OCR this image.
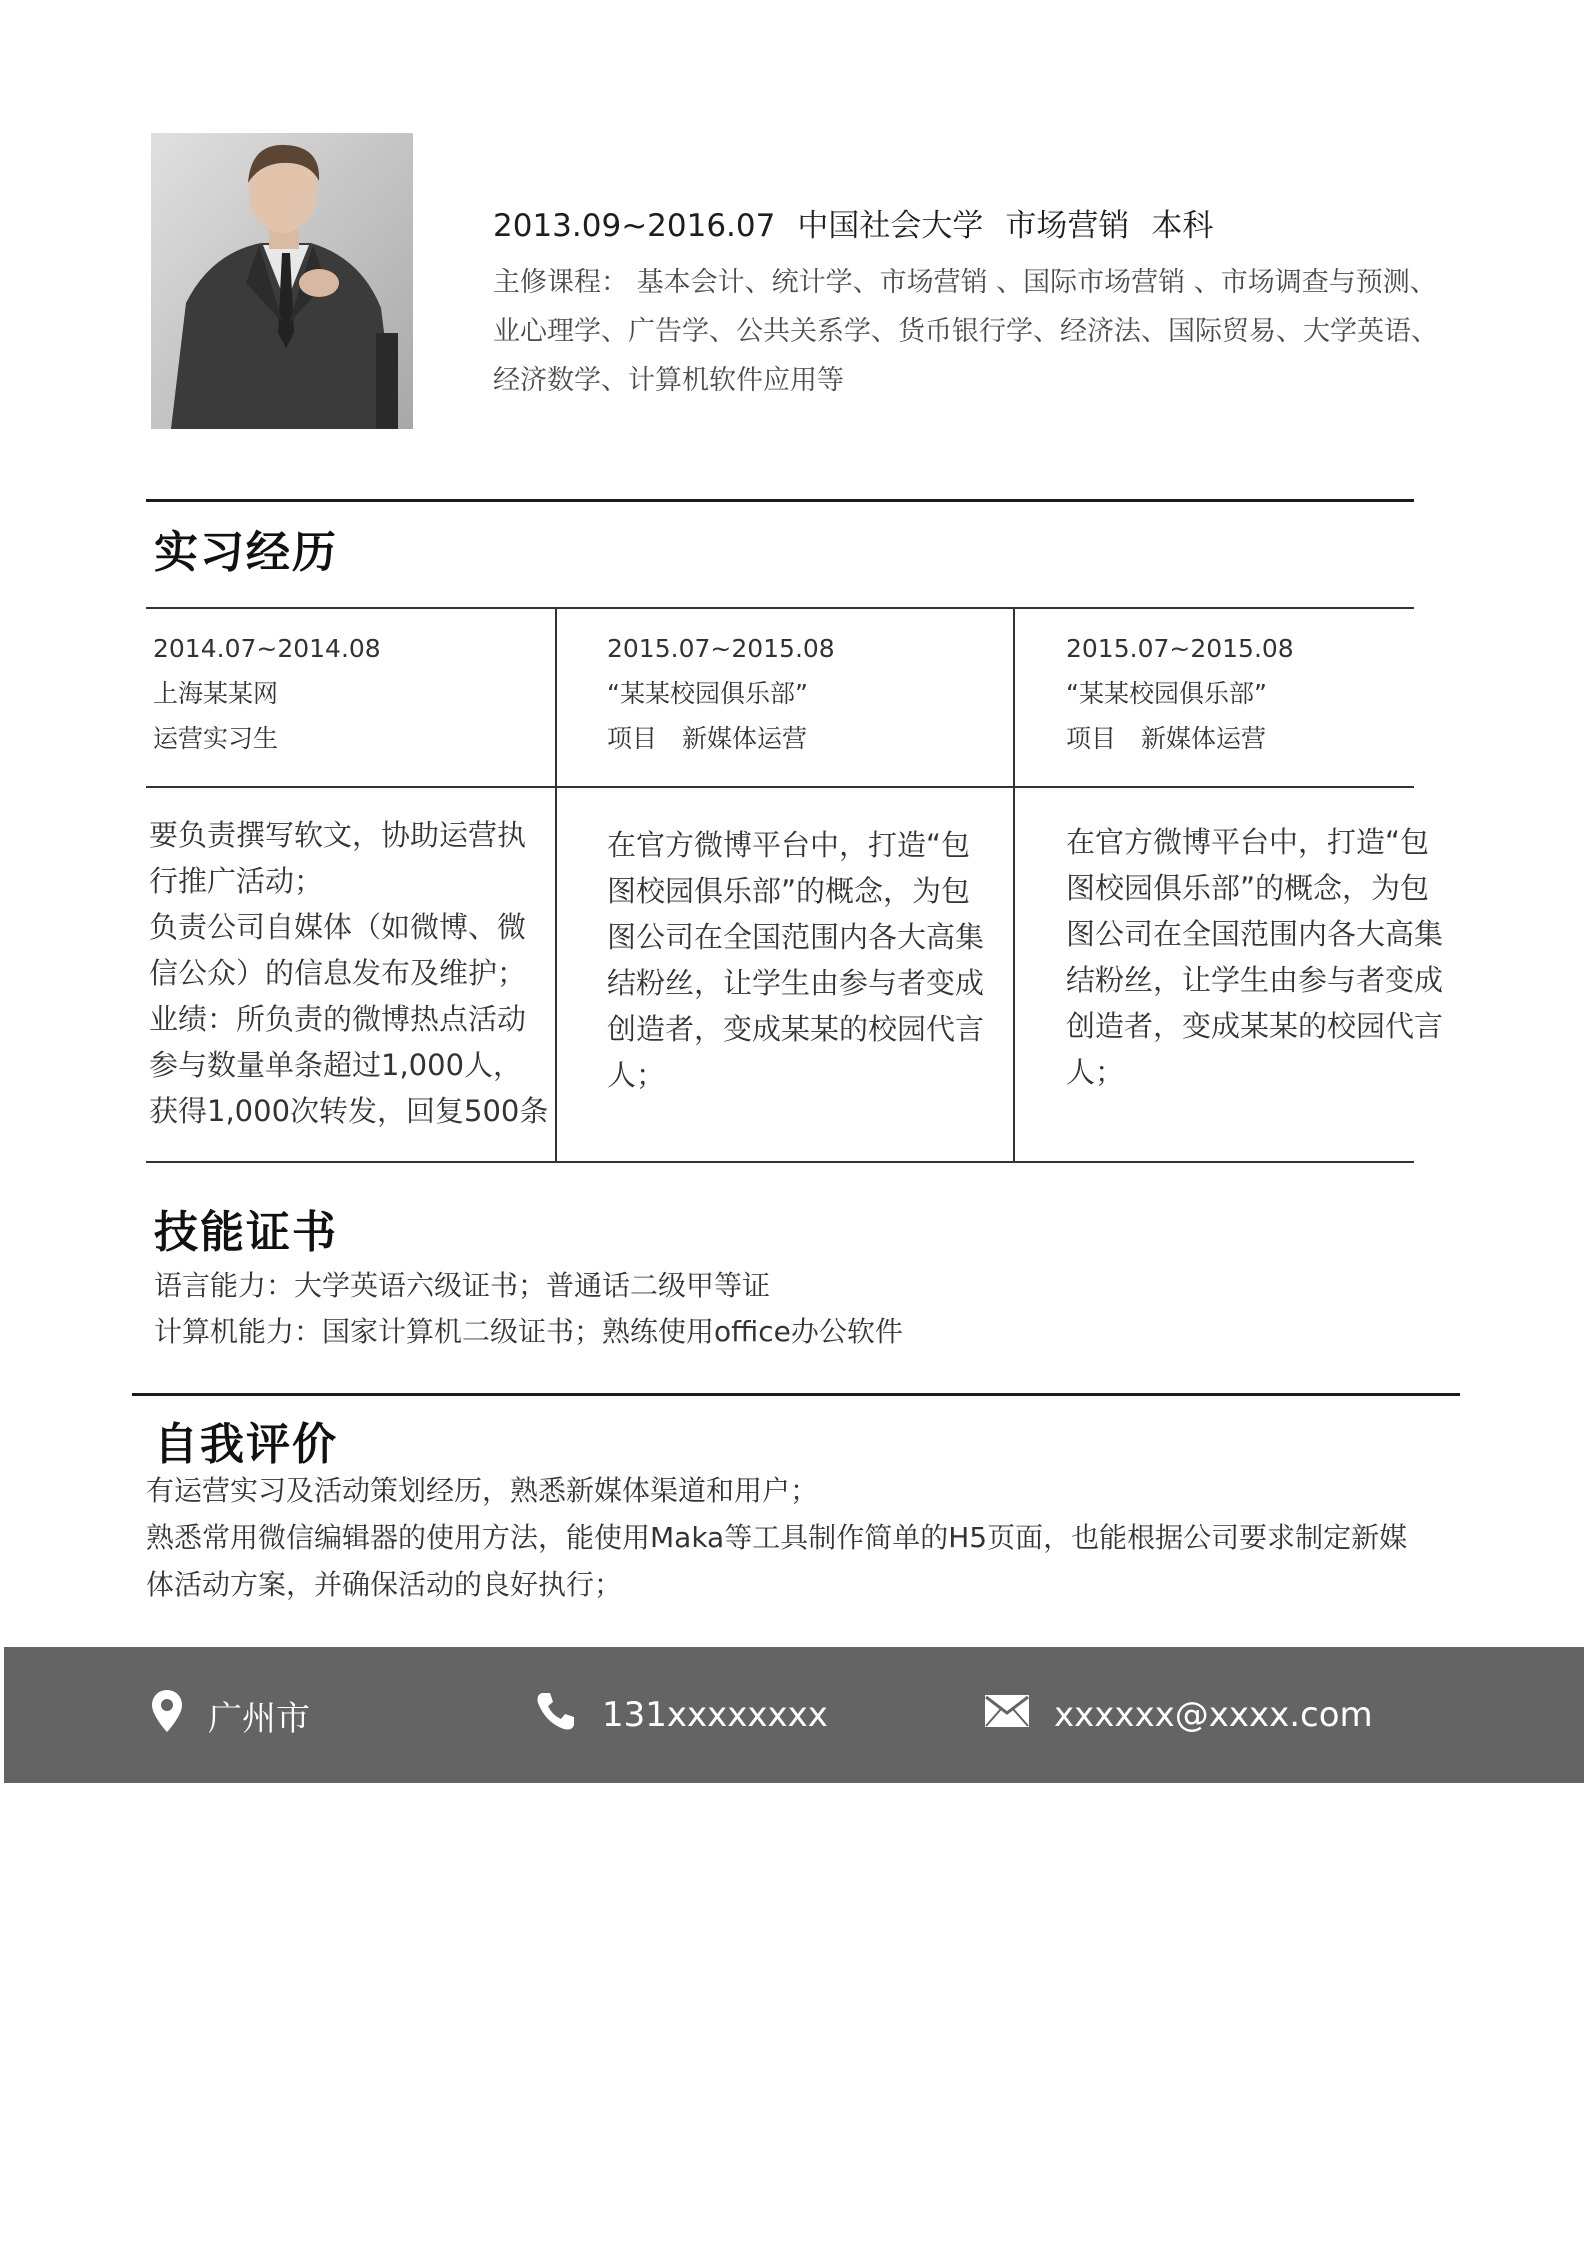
2013.09~2016.07 中国社会大学 市场营销 本科
主修课程： 基本会计、统计学、市场营销 、国际市场营销 、市场调查与预测、
业心理学、广告学、公共关系学、货币银行学、经济法、国际贸易、大学英语、
经济数学、计算机软件应用等
实习经历
2014.07~2014.08
上海某某网
运营实习生
要负责撰写软文，协助运营执
行推广活动；
负责公司自媒体（如微博、微
信公众）的信息发布及维护；
业绩：所负责的微博热点活动
参与数量单条超过1,000人，
获得1,000次转发，回复500条
2015.07~2015.08
“某某校园俱乐部”
项目　新媒体运营
在官方微博平台中，打造“包
图校园俱乐部”的概念，为包
图公司在全国范围内各大高集
结粉丝，让学生由参与者变成
创造者，变成某某的校园代言
人；
2015.07~2015.08
“某某校园俱乐部”
项目　新媒体运营
在官方微博平台中，打造“包
图校园俱乐部”的概念，为包
图公司在全国范围内各大高集
结粉丝，让学生由参与者变成
创造者，变成某某的校园代言
人；
技能证书
语言能力：大学英语六级证书；普通话二级甲等证
计算机能力：国家计算机二级证书；熟练使用office办公软件
自我评价
有运营实习及活动策划经历，熟悉新媒体渠道和用户；
熟悉常用微信编辑器的使用方法，能使用Maka等工具制作简单的H5页面，也能根据公司要求制定新媒
体活动方案，并确保活动的良好执行；
广州市	131xxxxxxxx	xxxxxx@xxxx.com
